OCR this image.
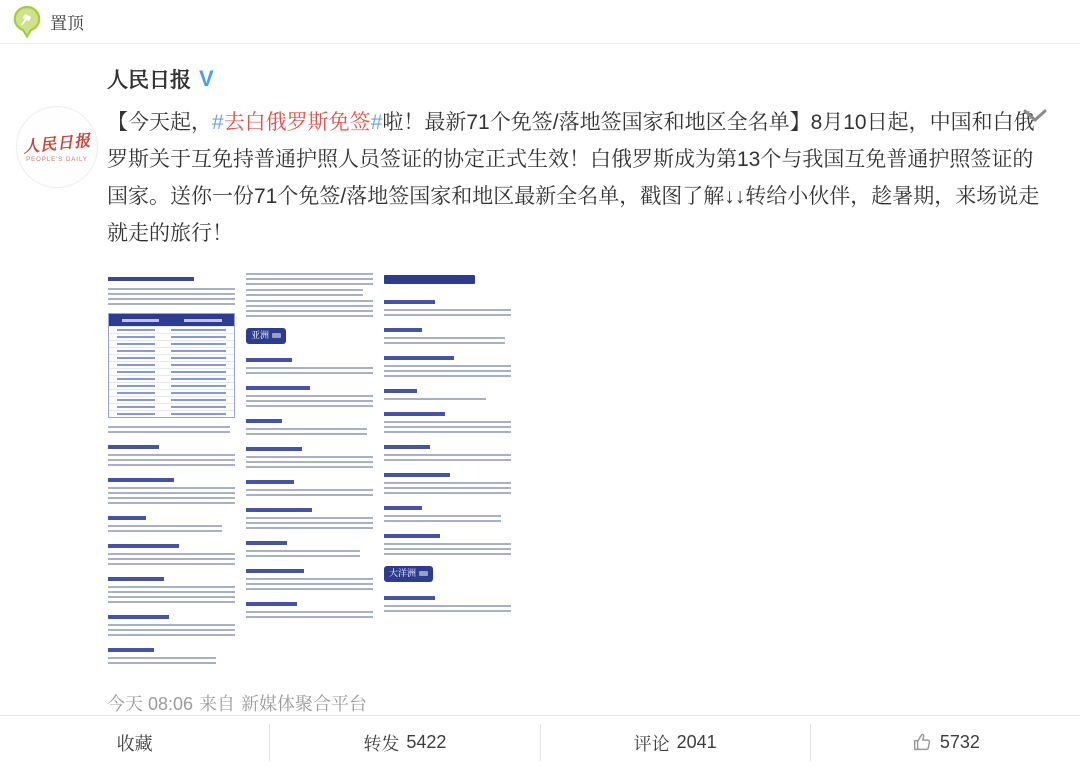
置顶
人民日报
PEOPLE'S DAILY
人民日报 V
【今天起，#去白俄罗斯免签#啦！最新71个免签/落地签国家和地区全名单】8月10日起，中国和白俄罗斯关于互免持普通护照人员签证的协定正式生效！白俄罗斯成为第13个与我国互免普通护照签证的国家。送你一份71个免签/落地签国家和地区最新全名单，戳图了解↓↓转给小伙伴，趁暑期，来场说走就走的旅行！
亚洲
大洋洲
今天 08:06 来自 新媒体聚合平台
收藏	转发 5422	评论 2041	5732
